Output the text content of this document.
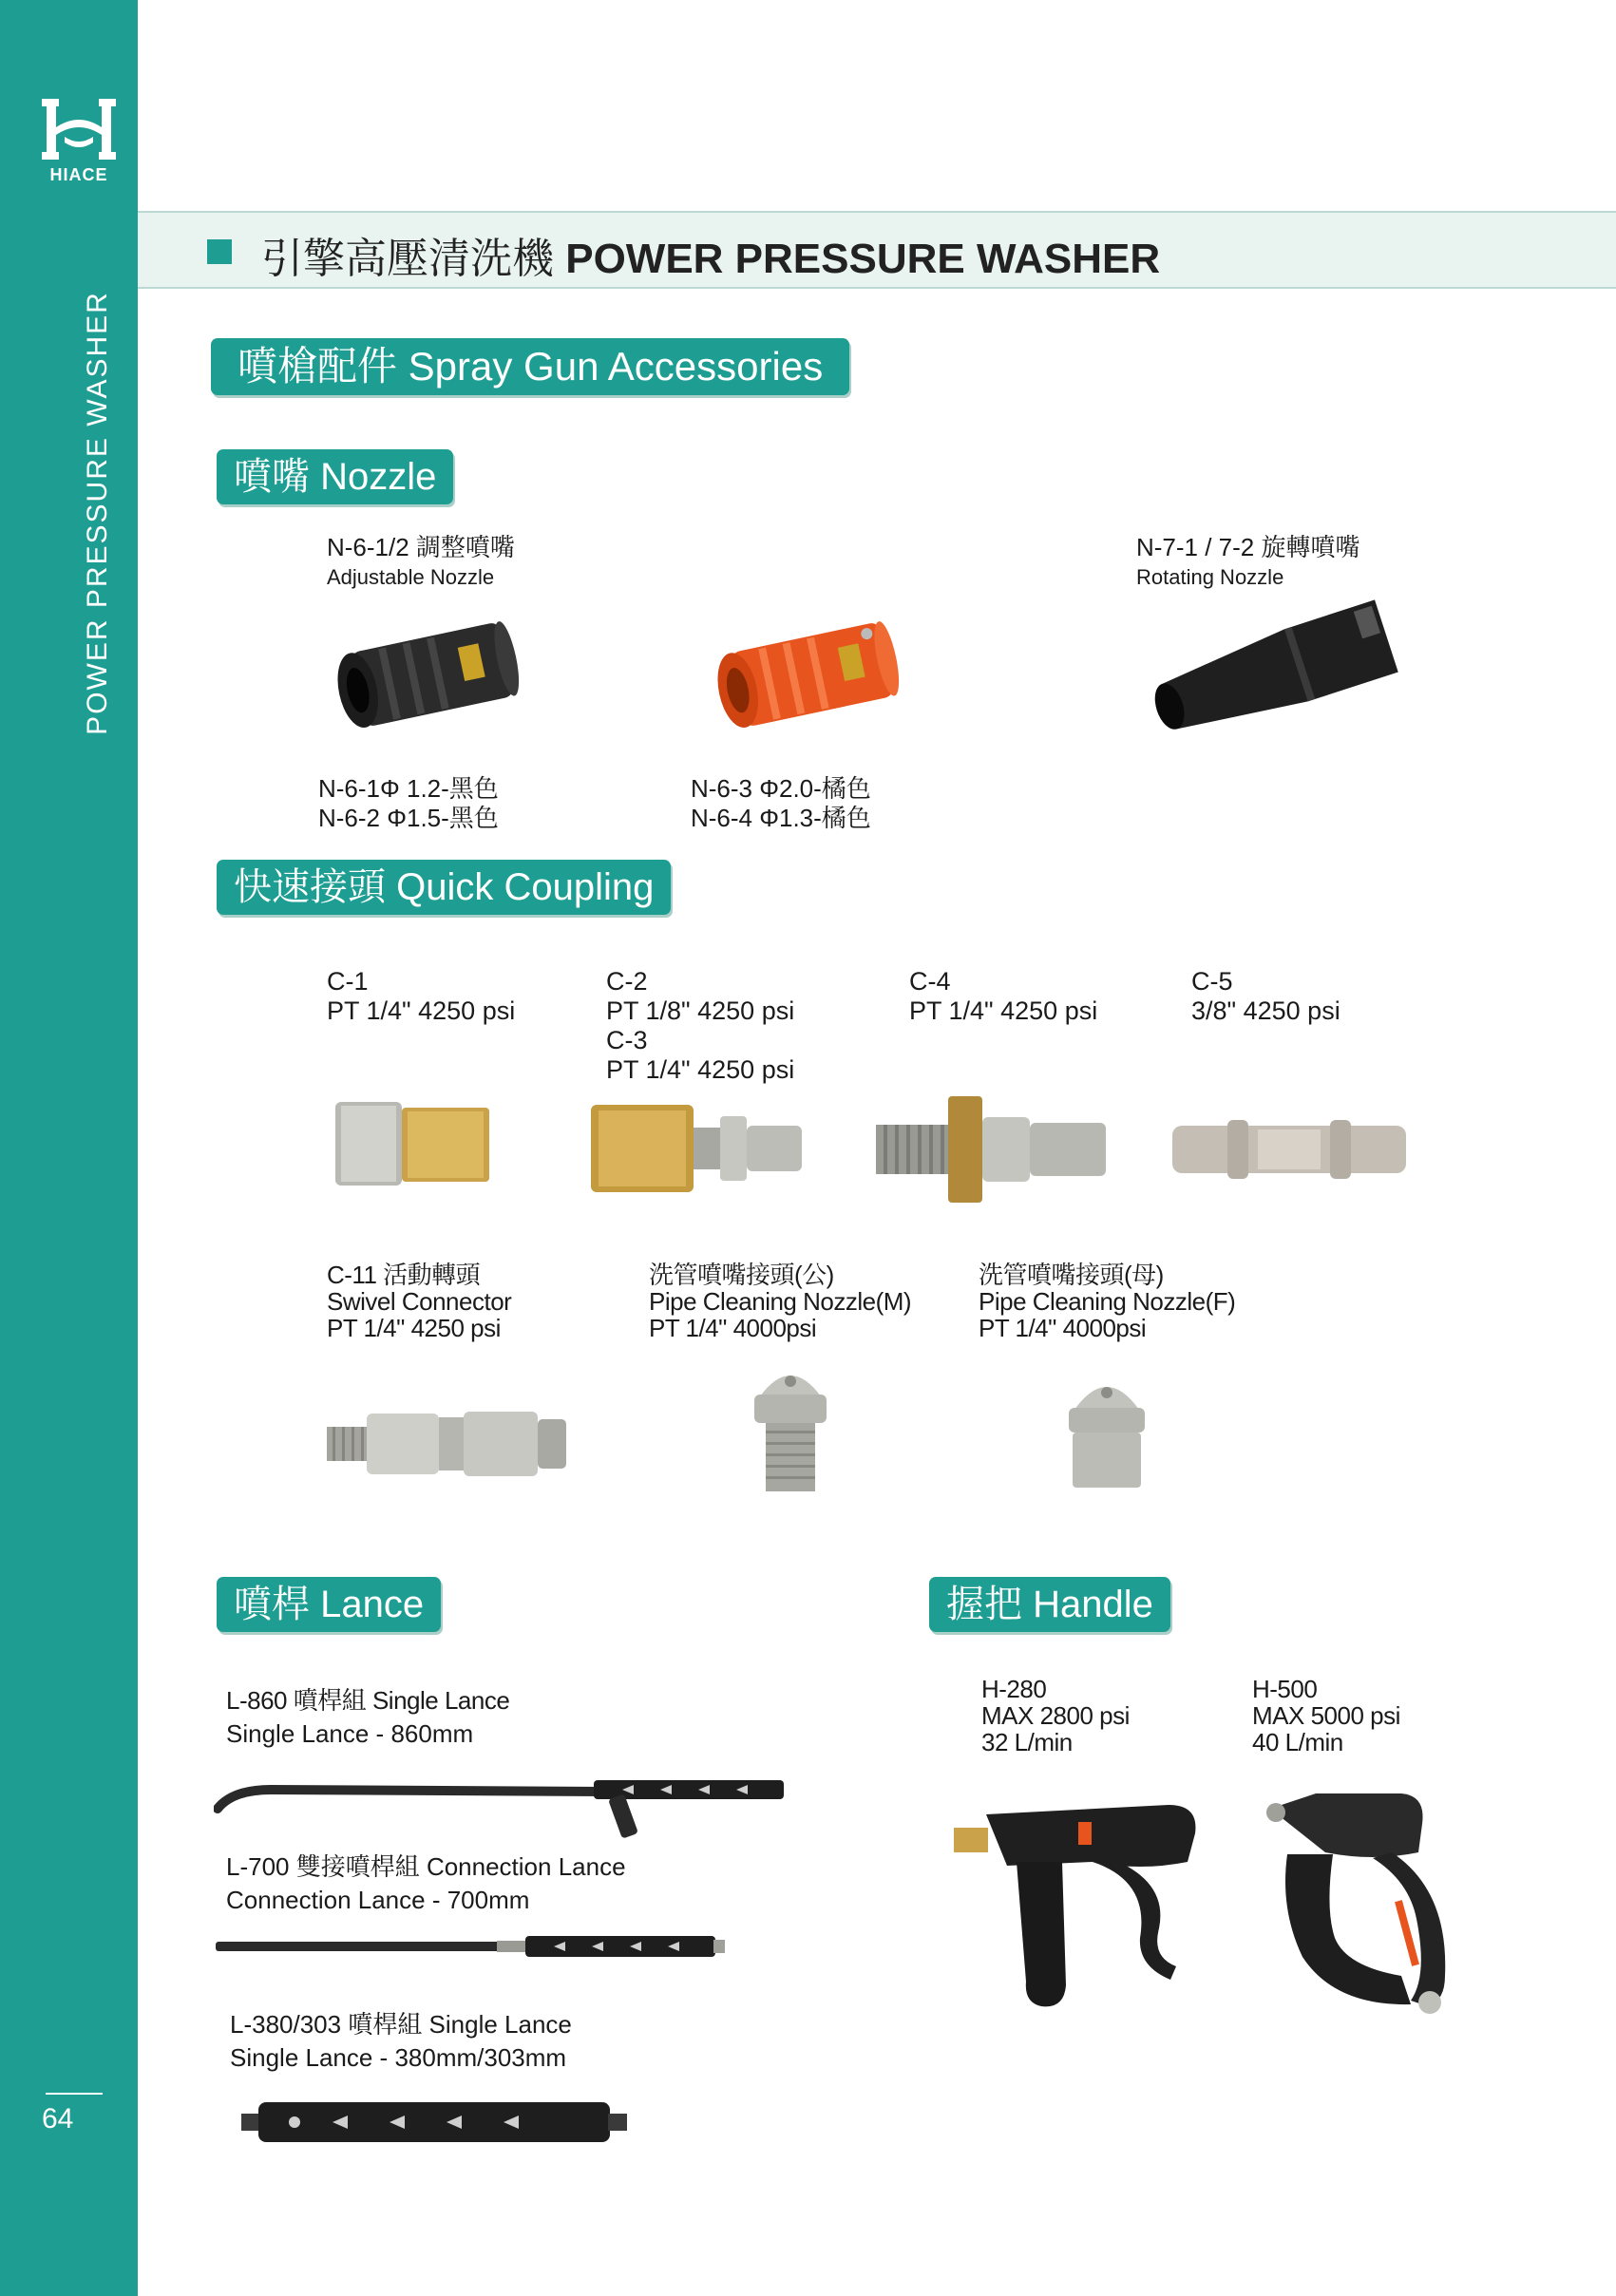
HIACE
POWER PRESSURE WASHER
64
引擎高壓清洗機 POWER PRESSURE WASHER
噴槍配件 Spray Gun Accessories
噴嘴 Nozzle
快速接頭 Quick Coupling
噴桿 Lance	握把 Handle
N-6-1/2 調整噴嘴
Adjustable Nozzle
N-7-1 / 7-2 旋轉噴嘴
Rotating Nozzle
N-6-1Φ 1.2-黑色
N-6-2 Φ1.5-黑色
N-6-3 Φ2.0-橘色
N-6-4 Φ1.3-橘色
C-1
PT 1/4" 4250 psi
C-2
PT 1/8" 4250 psi
C-3
PT 1/4" 4250 psi
C-4
PT 1/4" 4250 psi
C-5
3/8" 4250 psi
C-11 活動轉頭
Swivel Connector
PT 1/4" 4250 psi
洗管噴嘴接頭(公)
Pipe Cleaning Nozzle(M)
PT 1/4" 4000psi
洗管噴嘴接頭(母)
Pipe Cleaning Nozzle(F)
PT 1/4" 4000psi
L-860 噴桿組 Single Lance
Single Lance - 860mm
L-700 雙接噴桿組 Connection Lance
Connection Lance - 700mm
L-380/303 噴桿組 Single Lance
Single Lance - 380mm/303mm
H-280
MAX 2800 psi
32 L/min
H-500
MAX 5000 psi
40 L/min
